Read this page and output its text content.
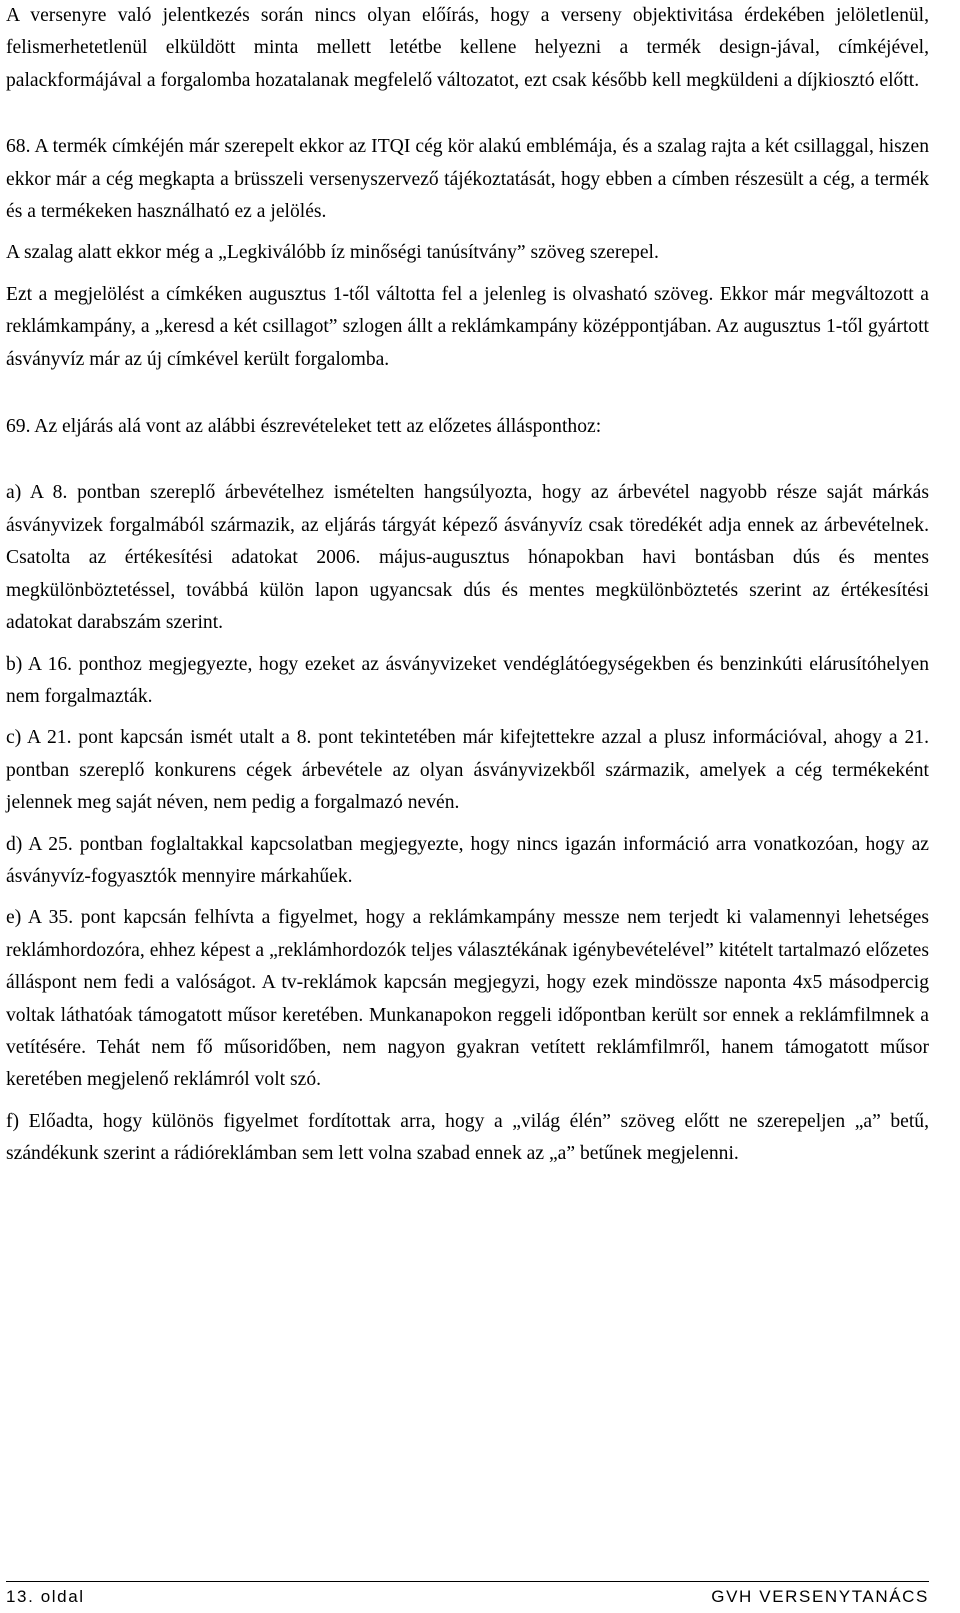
A versenyre való jelentkezés során nincs olyan előírás, hogy a verseny objektivitása érdekében jelöletlenül, felismerhetetlenül elküldött minta mellett letétbe kellene helyezni a termék design-jával, címkéjével, palackformájával a forgalomba hozatalanak megfelelő változatot, ezt csak később kell megküldeni a díjkiosztó előtt.

68. A termék címkéjén már szerepelt ekkor az ITQI cég kör alakú emblémája, és a szalag rajta a két csillaggal, hiszen ekkor már a cég megkapta a brüsszeli versenyszervező tájékoztatását, hogy ebben a címben részesült a cég, a termék és a termékeken használható ez a jelölés.

A szalag alatt ekkor még a „Legkiválóbb íz minőségi tanúsítvány” szöveg szerepel.

Ezt a megjelölést a címkéken augusztus 1-től váltotta fel a jelenleg is olvasható szöveg. Ekkor már megváltozott a reklámkampány, a „keresd a két csillagot” szlogen állt a reklámkampány középpontjában. Az augusztus 1-től gyártott ásványvíz már az új címkével került forgalomba.

69. Az eljárás alá vont az alábbi észrevételeket tett az előzetes állásponthoz:

a) A 8. pontban szereplő árbevételhez ismételten hangsúlyozta, hogy az árbevétel nagyobb része saját márkás ásványvizek forgalmából származik, az eljárás tárgyát képező ásványvíz csak töredékét adja ennek az árbevételnek. Csatolta az értékesítési adatokat 2006. május-augusztus hónapokban havi bontásban dús és mentes megkülönböztetéssel, továbbá külön lapon ugyancsak dús és mentes megkülönböztetés szerint az értékesítési adatokat darabszám szerint.

b) A 16. ponthoz megjegyezte, hogy ezeket az ásványvizeket vendéglátóegységekben és benzinkúti elárusítóhelyen nem forgalmazták.

c) A 21. pont kapcsán ismét utalt a 8. pont tekintetében már kifejtettekre azzal a plusz információval, ahogy a 21. pontban szereplő konkurens cégek árbevétele az olyan ásványvizekből származik, amelyek a cég termékeként jelennek meg saját néven, nem pedig a forgalmazó nevén.

d) A 25. pontban foglaltakkal kapcsolatban megjegyezte, hogy nincs igazán információ arra vonatkozóan, hogy az ásványvíz-fogyasztók mennyire márkahűek.

e) A 35. pont kapcsán felhívta a figyelmet, hogy a reklámkampány messze nem terjedt ki valamennyi lehetséges reklámhordozóra, ehhez képest a „reklámhordozók teljes választékának igénybevételével” kitételt tartalmazó előzetes álláspont nem fedi a valóságot. A tv-reklámok kapcsán megjegyzi, hogy ezek mindössze naponta 4x5 másodpercig voltak láthatóak támogatott műsor keretében. Munkanapokon reggeli időpontban került sor ennek a reklámfilmnek a vetítésére. Tehát nem fő műsoridőben, nem nagyon gyakran vetített reklámfilmről, hanem támogatott műsor keretében megjelenő reklámról volt szó.

f) Előadta, hogy különös figyelmet fordítottak arra, hogy a „világ élén” szöveg előtt ne szerepeljen „a” betű, szándékunk szerint a rádióreklámban sem lett volna szabad ennek az „a” betűnek megjelenni.

13. oldal	GVH VERSENYTANÁCS
